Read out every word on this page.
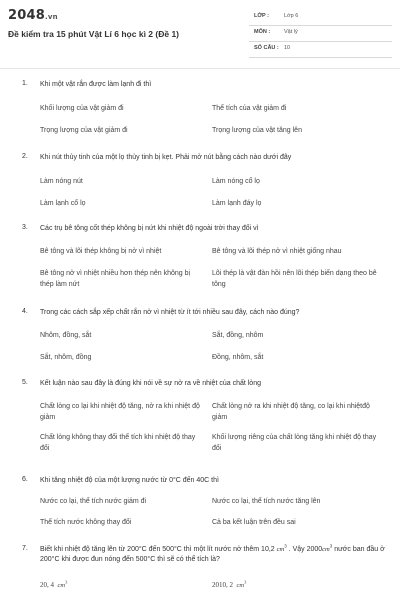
2048.vn
Đề kiểm tra 15 phút Vật Lí 6 học kì 2 (Đề 1)
LỚP :	Lớp 6
MÔN :	Vật lý
SỐ CÂU : 10
1. Khi một vật rắn được làm lạnh đi thì
Khối lượng của vật giảm đi	Thể tích của vật giảm đi
Trọng lượng của vật giảm đi	Trọng lượng của vật tăng lên
2. Khi nút thủy tinh của một lọ thủy tinh bị kẹt. Phải mở nút bằng cách nào dưới đây
Làm nóng nút	Làm nóng cổ lọ
Làm lạnh cổ lọ	Làm lạnh đáy lọ
3. Các trụ bê tông cốt thép không bị nứt khi nhiệt độ ngoài trời thay đổi vì
Bê tông và lõi thép không bị nở vì nhiệt	Bê tông và lõi thép nở vì nhiệt giống nhau
Bê tông nở vì nhiệt nhiều hơn thép nên không bị thép làm nứt
Lõi thép là vật đàn hồi nên lõi thép biến dạng theo bê tông
4. Trong các cách sắp xếp chất rắn nở vì nhiệt từ ít tới nhiều sau đây, cách nào đúng?
Nhôm, đồng, sắt	Sắt, đồng, nhôm
Sắt, nhôm, đồng	Đồng, nhôm, sắt
5. Kết luận nào sau đây là đúng khi nói về sự nở ra về nhiệt của chất lỏng
Chất lỏng co lại khi nhiệt độ tăng, nở ra khi nhiệt độ giảm
Chất lỏng nở ra khi nhiệt độ tăng, co lại khi nhiệtđộ giảm
Chất lỏng không thay đổi thể tích khi nhiệt độ thay đổi
Khối lượng riêng của chất lỏng tăng khi nhiệt độ thay đổi
6. Khi tăng nhiệt độ của một lượng nước từ 0°C đến 40C thì
Nước co lại, thể tích nước giảm đi	Nước co lại, thể tích nước tăng lên
Thể tích nước không thay đổi	Cả ba kết luận trên đều sai
7. Biết khi nhiệt độ tăng lên từ 200°C đến 500°C thì một lít nước nở thêm 10,2 $cm^3$ . Vậy $2000cm^3$ nước ban đầu ở 200°C khi được đun nóng đến 500°C thì sẽ có thể tích là?
20, 4 $cm^3$	2010, 2 $cm^3$
